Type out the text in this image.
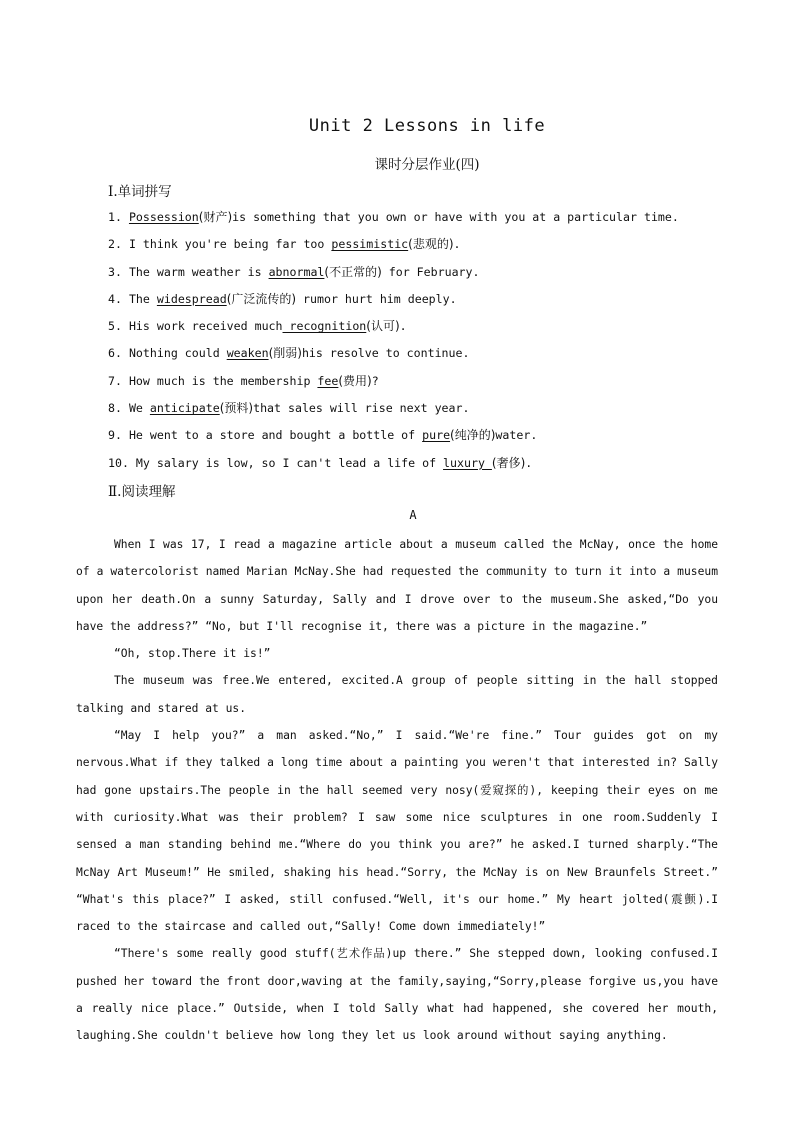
Unit 2 Lessons in life
课时分层作业(四)
Ⅰ.单词拼写
1. Possession(财产)is something that you own or have with you at a particular time.
2. I think you're being far too pessimistic(悲观的).
3. The warm weather is abnormal(不正常的) for February.
4. The widespread(广泛流传的) rumor hurt him deeply.
5. His work received much recognition(认可).
6. Nothing could weaken(削弱)his resolve to continue.
7. How much is the membership fee(费用)?
8. We anticipate(预料)that sales will rise next year.
9. He went to a store and bought a bottle of pure(纯净的)water.
10. My salary is low, so I can't lead a life of luxury (奢侈).
Ⅱ.阅读理解
A

When I was 17, I read a magazine article about a museum called the McNay, once the home of a watercolorist named Marian McNay.She had requested the community to turn it into a museum upon her death.On a sunny Saturday, Sally and I drove over to the museum.She asked,“Do you have the address?” “No, but I'll recognise it, there was a picture in the magazine.”

“Oh, stop.There it is!”

The museum was free.We entered, excited.A group of people sitting in the hall stopped talking and stared at us.

“May I help you?” a man asked.“No,” I said.“We're fine.” Tour guides got on my nervous.What if they talked a long time about a painting you weren't that interested in? Sally had gone upstairs.The people in the hall seemed very nosy(爱窥探的), keeping their eyes on me with curiosity.What was their problem? I saw some nice sculptures in one room.Suddenly I sensed a man standing behind me.“Where do you think you are?” he asked.I turned sharply.“The McNay Art Museum!” He smiled, shaking his head.“Sorry, the McNay is on New Braunfels Street.” “What's this place?” I asked, still confused.“Well, it's our home.” My heart jolted(震颤).I raced to the staircase and called out,“Sally! Come down immediately!”

“There's some really good stuff(艺术作品)up there.” She stepped down, looking confused.I pushed her toward the front door,waving at the family,saying,“Sorry,please forgive us,you have a really nice place.” Outside, when I told Sally what had happened, she covered her mouth, laughing.She couldn't believe how long they let us look around without saying anything.
